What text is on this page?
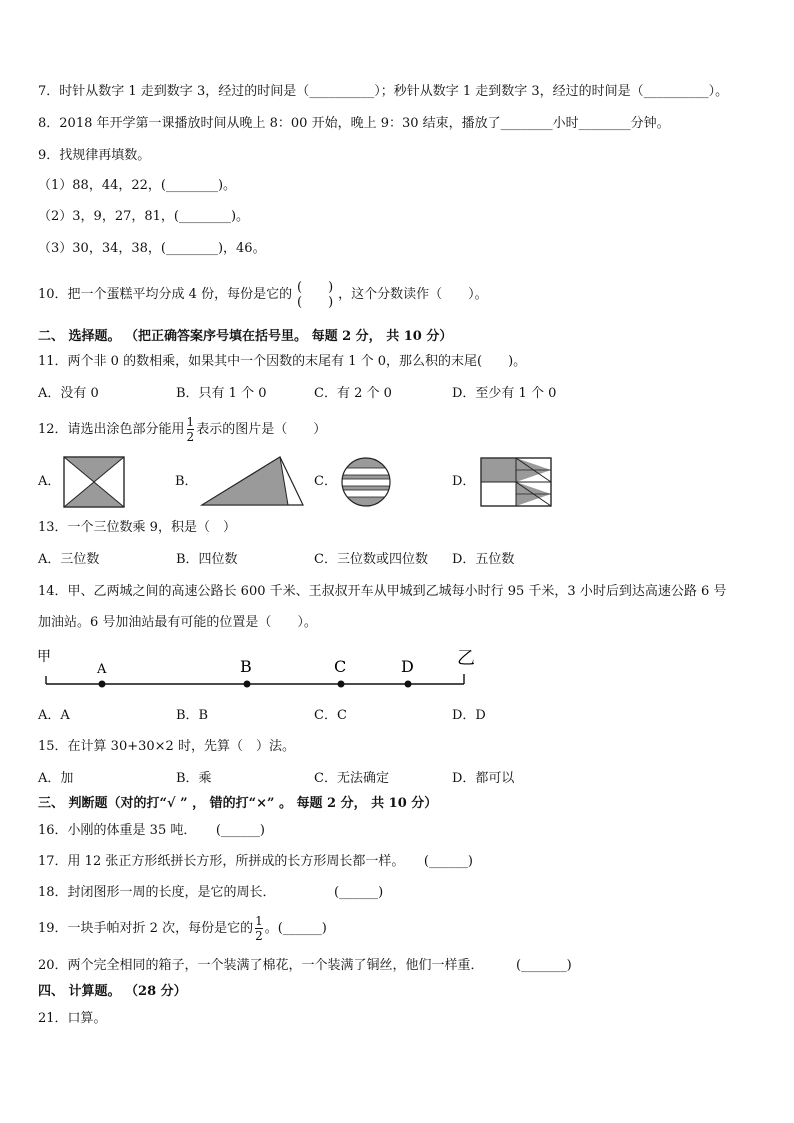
7．时针从数字 1 走到数字 3，经过的时间是（__________）；秒针从数字 1 走到数字 3，经过的时间是（__________）。
8．2018 年开学第一课播放时间从晚上 8：00 开始，晚上 9：30 结束，播放了________小时________分钟。
9．找规律再填数。
（1）88，44，22，(________)。
（2）3，9，27，81，(________)。
（3）30，34，38，(________)，46。
10．把一个蛋糕平均分成 4 份，每份是它的 (　　)
(　　) ，这个分数读作（　　）。
二、 选择题。 （把正确答案序号填在括号里。 每题 2 分， 共 10 分）
11．两个非 0 的数相乘，如果其中一个因数的末尾有 1 个 0，那么积的末尾(　　)。
A．没有 0	B．只有 1 个 0	C．有 2 个 0	D．至少有 1 个 0
12．请选出涂色部分能用 $\frac{1}{2}$ 表示的图片是（　　）
A．	B．	C．	D．
13．一个三位数乘 9，积是（　）
A．三位数	B．四位数	C．三位数或四位数 D．五位数
14．甲、乙两城之间的高速公路长 600 千米、王叔叔开车从甲城到乙城每小时行 95 千米，3 小时后到达高速公路 6 号
加油站。6 号加油站最有可能的位置是（　　）。
甲
A	B	C	D 乙
A．A	B．B	C．C	D．D
15．在计算 30+30×2 时，先算（　）法。
A．加	B．乘	C．无法确定	D．都可以
三、 判断题（对的打“√ ” ， 错的打“×” 。 每题 2 分， 共 10 分）
16．小刚的体重是 35 吨．　　(______)
17．用 12 张正方形纸拼长方形，所拼成的长方形周长都一样。　　(______)
18．封闭图形一周的长度，是它的周长．　　　　　(______)
19．一块手帕对折 2 次，每份是它的 $\frac{1}{2}$ 。(______)
20．两个完全相同的箱子，一个装满了棉花，一个装满了铜丝，他们一样重．　　　(_______)
四、 计算题。 （28 分）
21．口算。
